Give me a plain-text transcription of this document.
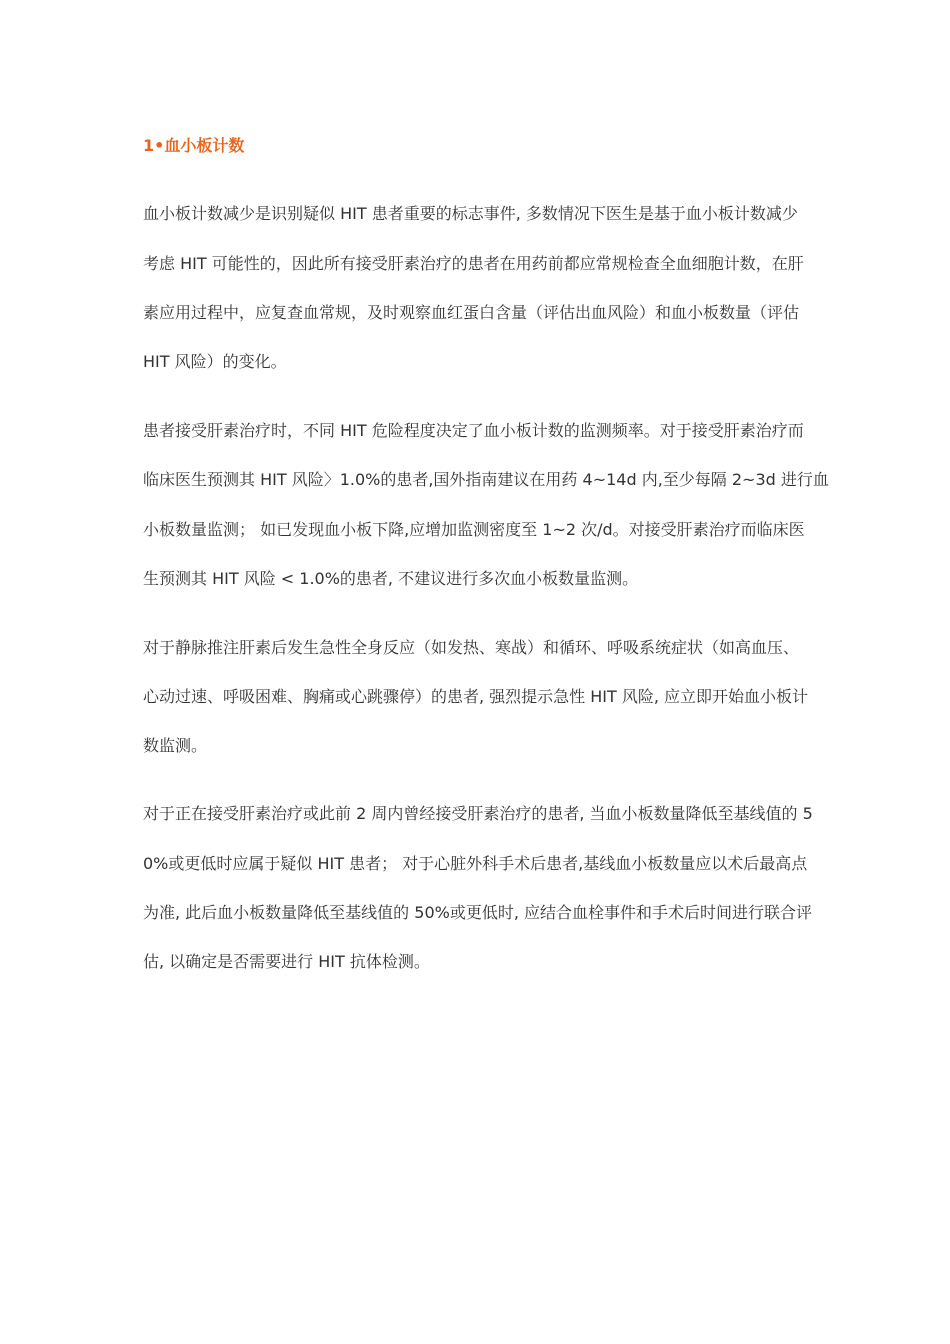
1•血小板计数
血小板计数减少是识别疑似 HIT 患者重要的标志事件, 多数情况下医生是基于血小板计数减少
考虑 HIT 可能性的，因此所有接受肝素治疗的患者在用药前都应常规检查全血细胞计数，在肝
素应用过程中，应复查血常规，及时观察血红蛋白含量（评估出血风险）和血小板数量（评估
HIT 风险）的变化。
患者接受肝素治疗时，不同 HIT 危险程度决定了血小板计数的监测频率。对于接受肝素治疗而
临床医生预测其 HIT 风险〉1.0%的患者,国外指南建议在用药 4~14d 内,至少每隔 2~3d 进行血
小板数量监测； 如已发现血小板下降,应增加监测密度至 1~2 次/d。对接受肝素治疗而临床医
生预测其 HIT 风险 < 1.0%的患者, 不建议进行多次血小板数量监测。
对于静脉推注肝素后发生急性全身反应（如发热、寒战）和循环、呼吸系统症状（如高血压、
心动过速、呼吸困难、胸痛或心跳骤停）的患者, 强烈提示急性 HIT 风险, 应立即开始血小板计
数监测。
对于正在接受肝素治疗或此前 2 周内曾经接受肝素治疗的患者, 当血小板数量降低至基线值的 5
0%或更低时应属于疑似 HIT 患者； 对于心脏外科手术后患者,基线血小板数量应以术后最高点
为准, 此后血小板数量降低至基线值的 50%或更低时, 应结合血栓事件和手术后时间进行联合评
估, 以确定是否需要进行 HIT 抗体检测。
